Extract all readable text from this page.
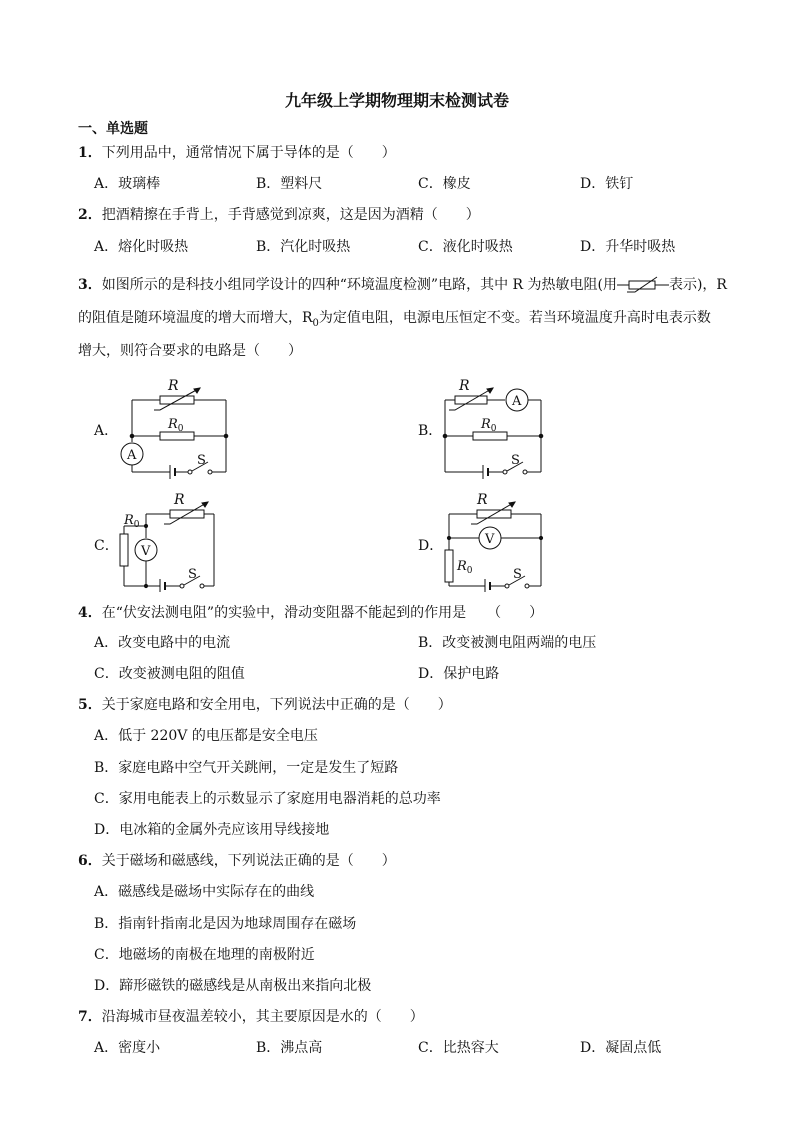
九年级上学期物理期末检测试卷
一、单选题
1．下列用品中，通常情况下属于导体的是（　　）
A．玻璃棒	B．塑料尺	C．橡皮	D．铁钉
2．把酒精擦在手背上，手背感觉到凉爽，这是因为酒精（　　）
A．熔化时吸热	B．汽化时吸热	C．液化时吸热	D．升华时吸热
3．如图所示的是科技小组同学设计的四种“环境温度检测”电路，其中 R 为热敏电阻(用	表示)，R
的阻值是随环境温度的增大而增大，$R_0$为定值电阻，电源电压恒定不变。若当环境温度升高时电表示数
增大，则符合要求的电路是（　　）
A．	B．
C．	D．
R
$R_0$
A	S
R
$R_0$
A
S
R
$R_0$
V
S
R
$R_0$
V
S
4．在“伏安法测电阻”的实验中，滑动变阻器不能起到的作用是　　（　　）
A．改变电路中的电流	B．改变被测电阻两端的电压
C．改变被测电阻的阻值	D．保护电路
5．关于家庭电路和安全用电，下列说法中正确的是（　　）
A．低于 220V 的电压都是安全电压
B．家庭电路中空气开关跳闸，一定是发生了短路
C．家用电能表上的示数显示了家庭用电器消耗的总功率
D．电冰箱的金属外壳应该用导线接地
6．关于磁场和磁感线，下列说法正确的是（　　）
A．磁感线是磁场中实际存在的曲线
B．指南针指南北是因为地球周围存在磁场
C．地磁场的南极在地理的南极附近
D．蹄形磁铁的磁感线是从南极出来指向北极
7．沿海城市昼夜温差较小，其主要原因是水的（　　）
A．密度小	B．沸点高	C．比热容大	D．凝固点低
